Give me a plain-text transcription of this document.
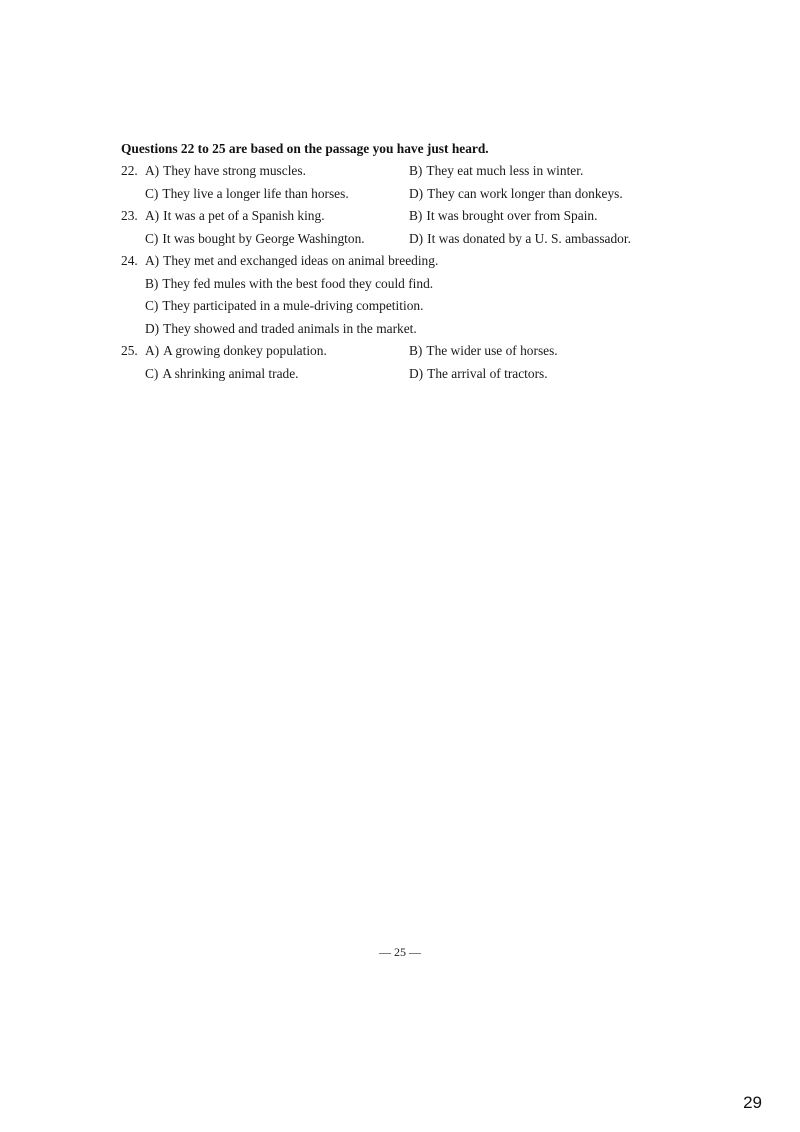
Questions 22 to 25 are based on the passage you have just heard.
22. A) They have strong muscles.	B) They eat much less in winter.
C) They live a longer life than horses.	D) They can work longer than donkeys.
23. A) It was a pet of a Spanish king.	B) It was brought over from Spain.
C) It was bought by George Washington.	D) It was donated by a U. S. ambassador.
24. A) They met and exchanged ideas on animal breeding.
B) They fed mules with the best food they could find.
C) They participated in a mule-driving competition.
D) They showed and traded animals in the market.
25. A) A growing donkey population.	B) The wider use of horses.
C) A shrinking animal trade.	D) The arrival of tractors.
— 25 —
29
